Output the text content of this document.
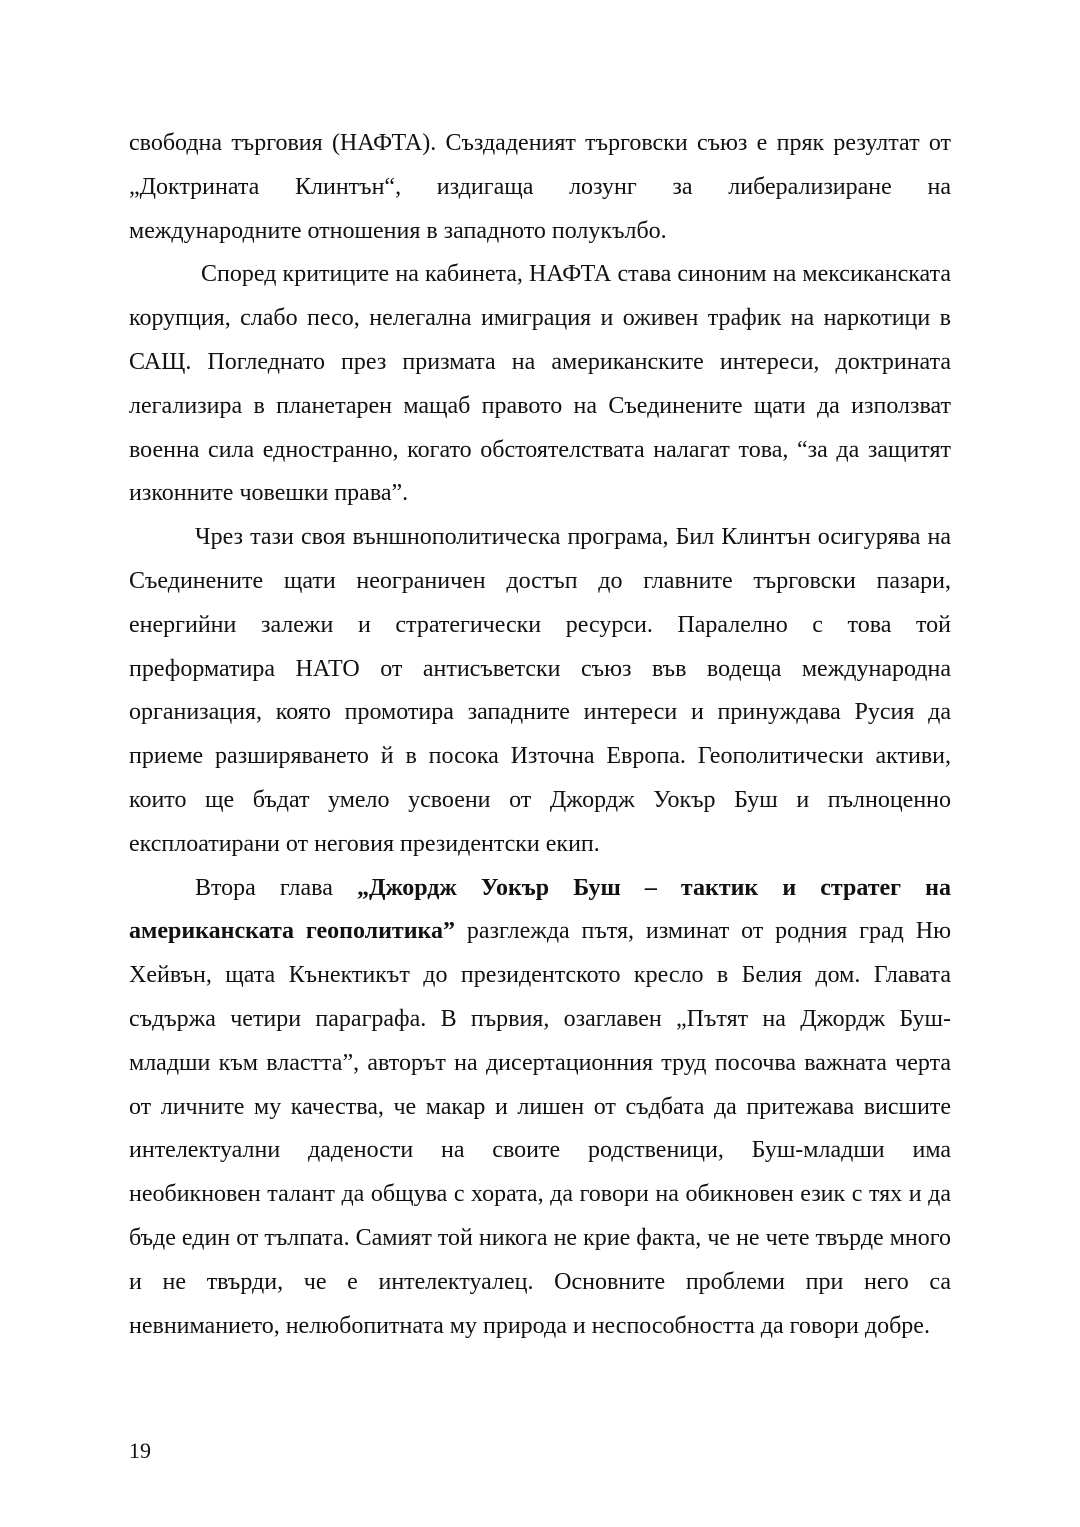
свободна търговия (НАФТА). Създаденият търговски съюз е пряк резултат от „Доктрината Клинтън“, издигаща лозунг за либерализиране на международните отношения в западното полукълбо.

Според критиците на кабинета, НАФТА става синоним на мексиканската корупция, слабо песо, нелегална имиграция и оживен трафик на наркотици в САЩ. Погледнато през призмата на американските интереси, доктрината легализира в планетарен мащаб правото на Съединените щати да използват военна сила едностранно, когато обстоятелствата налагат това, “за да защитят изконните човешки права”.

Чрез тази своя външнополитическа програма, Бил Клинтън осигурява на Съединените щати неограничен достъп до главните търговски пазари, енергийни залежи и стратегически ресурси. Паралелно с това той преформатира НАТО от антисъветски съюз във водеща международна организация, която промотира западните интереси и принуждава Русия да приеме разширяването й в посока Източна Европа. Геополитически активи, които ще бъдат умело усвоени от Джордж Уокър Буш и пълноценно експлоатирани от неговия президентски екип.

Втора глава „Джордж Уокър Буш – тактик и стратег на американската геополитика” разглежда пътя, изминат от родния град Ню Хейвън, щата Кънектикът до президентското кресло в Белия дом. Главата съдържа четири параграфа. В първия, озаглавен „Пътят на Джордж Буш-младши към властта”, авторът на дисертационния труд посочва важната черта от личните му качества, че макар и лишен от съдбата да притежава висшите интелектуални дадености на своите родственици, Буш-младши има необикновен талант да общува с хората, да говори на обикновен език с тях и да бъде един от тълпата. Самият той никога не крие факта, че не чете твърде много и не твърди, че е интелектуалец. Основните проблеми при него са невниманието, нелюбопитната му природа и неспособността да говори добре.

19
